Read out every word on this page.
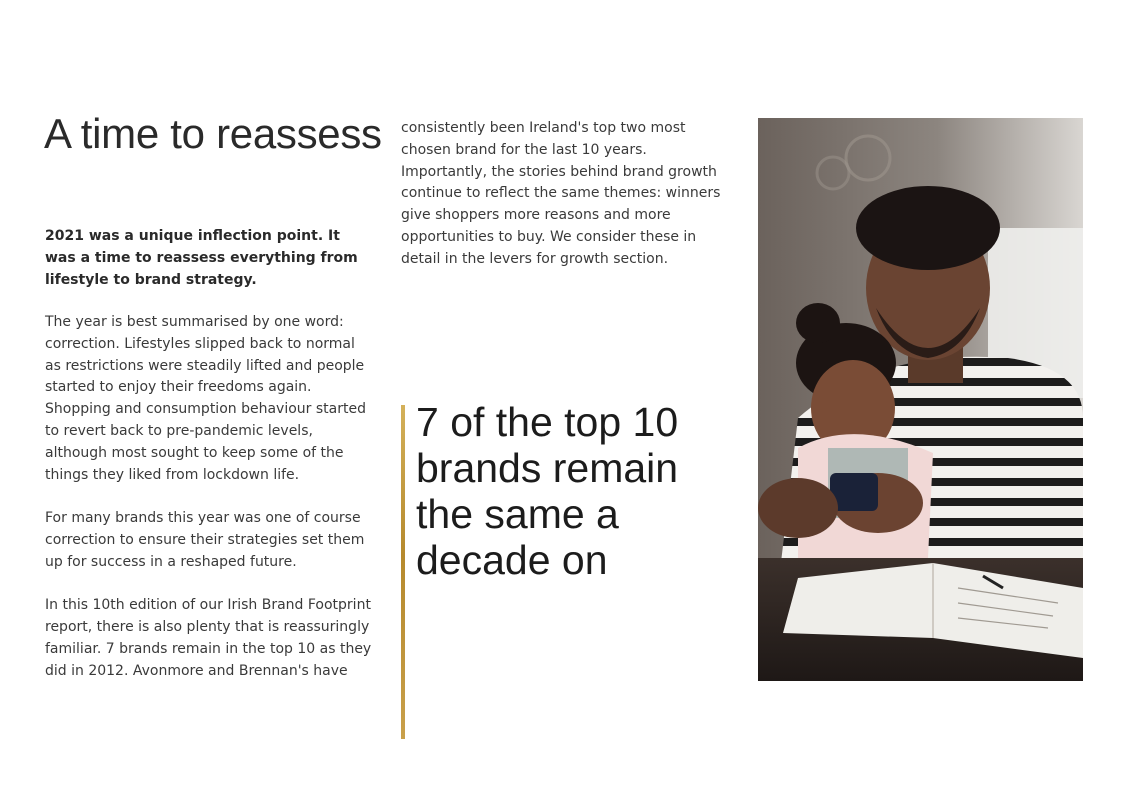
A time to reassess

2021 was a unique inflection point. It was a time to reassess everything from lifestyle to brand strategy.

The year is best summarised by one word: correction. Lifestyles slipped back to normal as restrictions were steadily lifted and people started to enjoy their freedoms again. Shopping and consumption behaviour started to revert back to pre-pandemic levels, although most sought to keep some of the things they liked from lockdown life.

For many brands this year was one of course correction to ensure their strategies set them up for success in a reshaped future.

In this 10th edition of our Irish Brand Footprint report, there is also plenty that is reassuringly familiar. 7 brands remain in the top 10 as they did in 2012. Avonmore and Brennan's have

consistently been Ireland's top two most chosen brand for the last 10 years. Importantly, the stories behind brand growth continue to reflect the same themes: winners give shoppers more reasons and more opportunities to buy. We consider these in detail in the levers for growth section.

7 of the top 10 brands remain the same a decade on
